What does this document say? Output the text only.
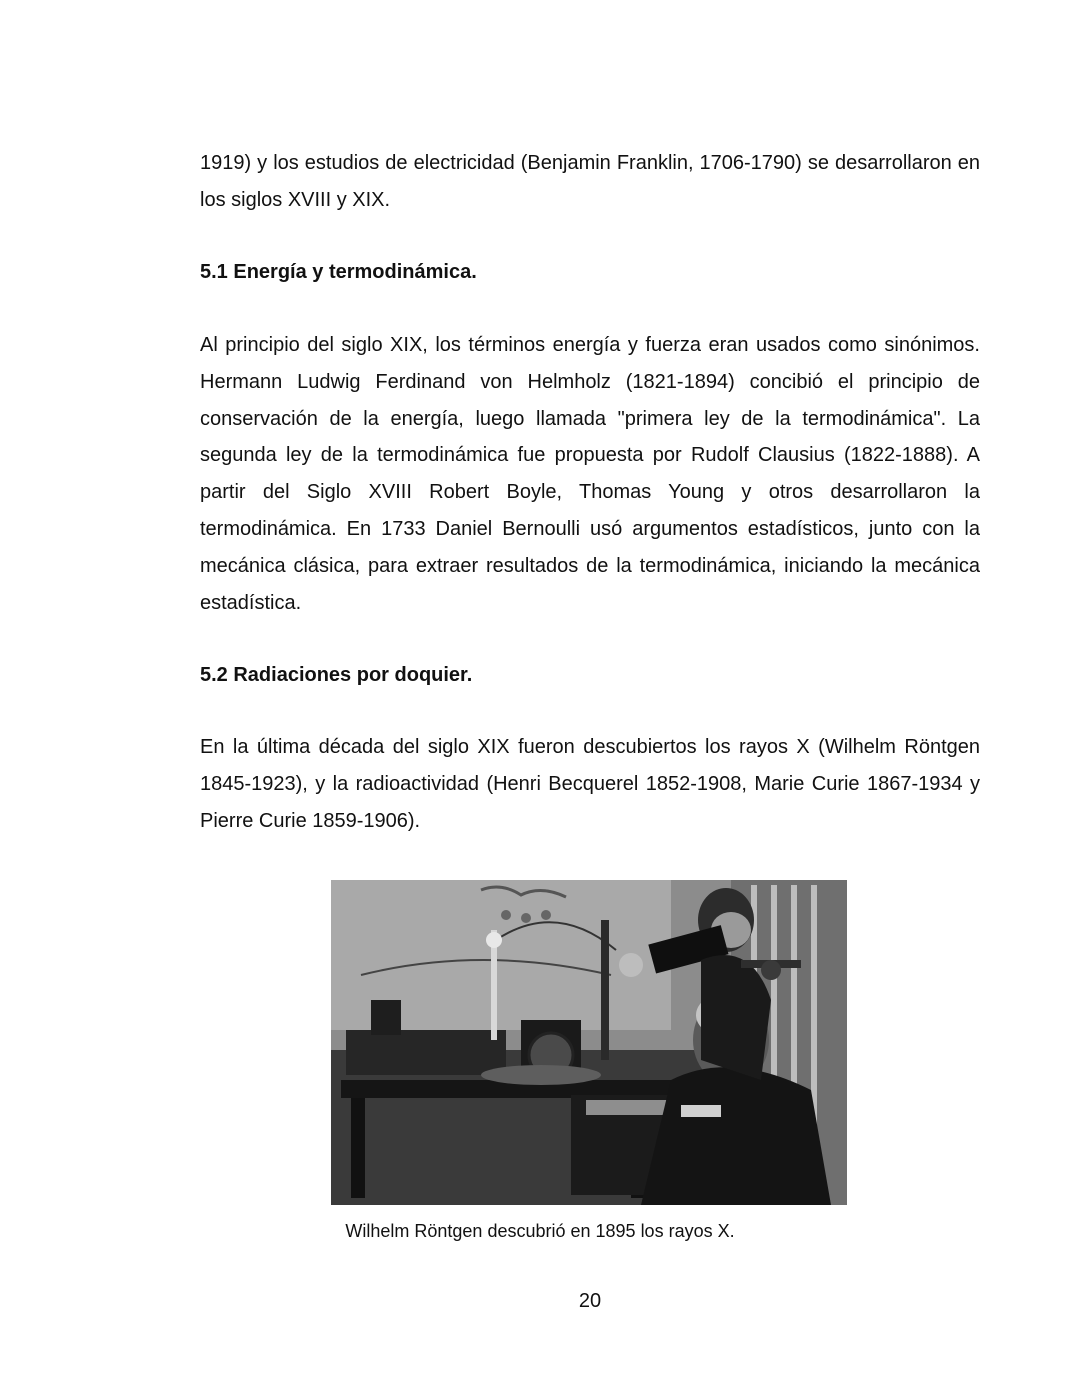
1919) y los estudios de electricidad (Benjamin Franklin, 1706-1790) se desarrollaron en los siglos XVIII y XIX.

5.1 Energía y termodinámica.

Al principio del siglo XIX, los términos energía y fuerza eran usados como sinónimos. Hermann Ludwig Ferdinand von Helmholz (1821-1894) concibió el principio de conservación de la energía, luego llamada "primera ley de la termodinámica". La segunda ley de la termodinámica fue propuesta por Rudolf Clausius (1822-1888). A partir del Siglo XVIII Robert Boyle, Thomas Young y otros desarrollaron la termodinámica. En 1733 Daniel Bernoulli usó argumentos estadísticos, junto con la mecánica clásica, para extraer resultados de la termodinámica, iniciando la mecánica estadística.

5.2 Radiaciones por doquier.

En la última década del siglo XIX fueron descubiertos los rayos X (Wilhelm Röntgen 1845-1923), y la radioactividad (Henri Becquerel 1852-1908, Marie Curie 1867-1934 y Pierre Curie 1859-1906).

Wilhelm Röntgen descubrió en 1895 los rayos X.

20
